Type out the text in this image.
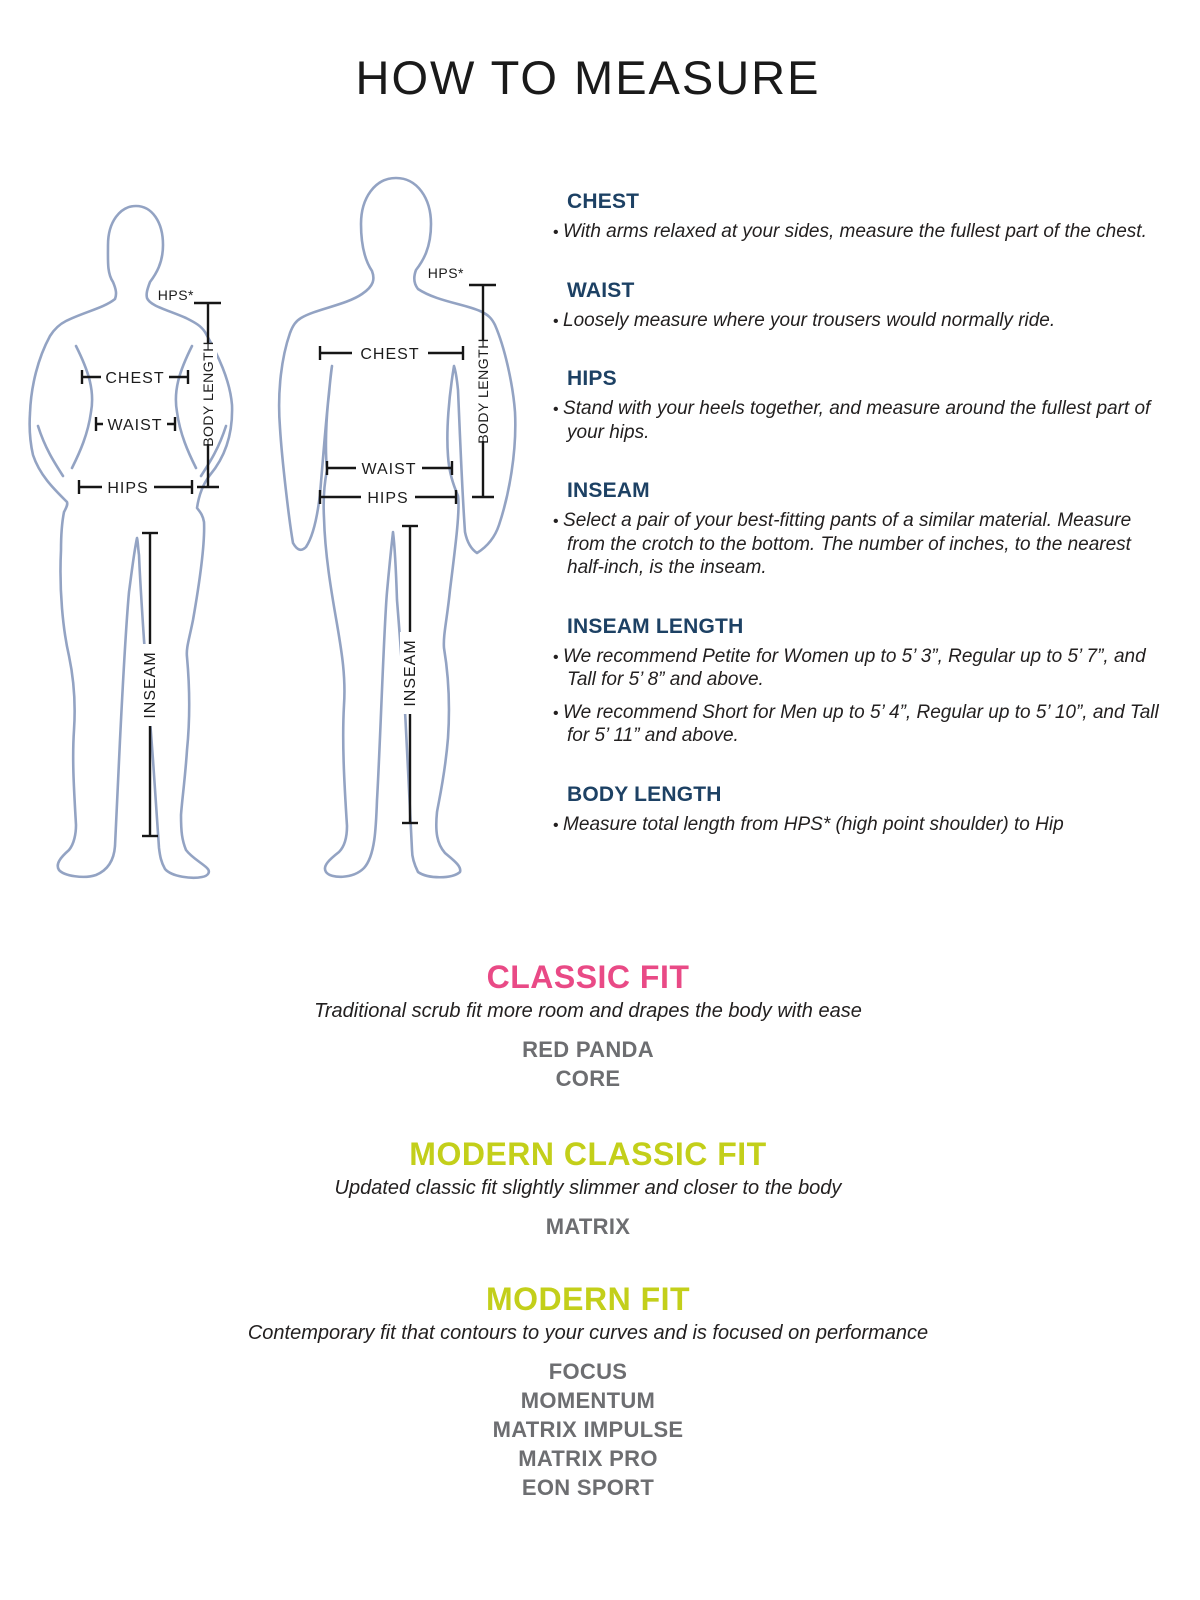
HOW TO MEASURE
CHEST
WAIST
HIPS
BODY LENGTH
HPS*
INSEAM
CHEST
WAIST
HIPS
BODY LENGTH
HPS*
INSEAM
CHEST
• With arms relaxed at your sides, measure the fullest part of the chest.
WAIST
• Loosely measure where your trousers would normally ride.
HIPS
• Stand with your heels together, and measure around the fullest part of your hips.
INSEAM
• Select a pair of your best-fitting pants of a similar material. Measure from the crotch to the bottom. The number of inches, to the nearest half-inch, is the inseam.
INSEAM LENGTH
• We recommend Petite for Women up to 5’ 3”, Regular up to 5’ 7”, and Tall for 5’ 8” and above.
• We recommend Short for Men up to 5’ 4”, Regular up to 5’ 10”, and Tall for 5’ 11” and above.
BODY LENGTH
• Measure total length from HPS* (high point shoulder) to Hip
CLASSIC FIT

Traditional scrub fit more room and drapes the body with ease

RED PANDA
CORE
MODERN CLASSIC FIT

Updated classic fit slightly slimmer and closer to the body

MATRIX
MODERN FIT

Contemporary fit that contours to your curves and is focused on performance

FOCUS
MOMENTUM
MATRIX IMPULSE
MATRIX PRO
EON SPORT
